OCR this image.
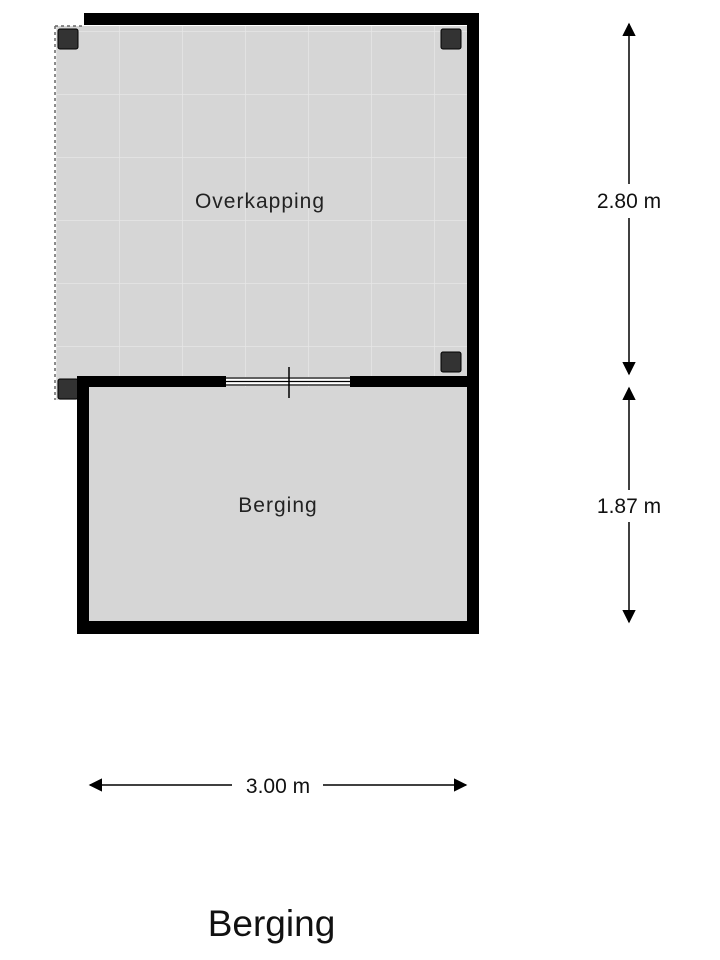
Overkapping
Berging
2.80 m
1.87 m
3.00 m
Berging
